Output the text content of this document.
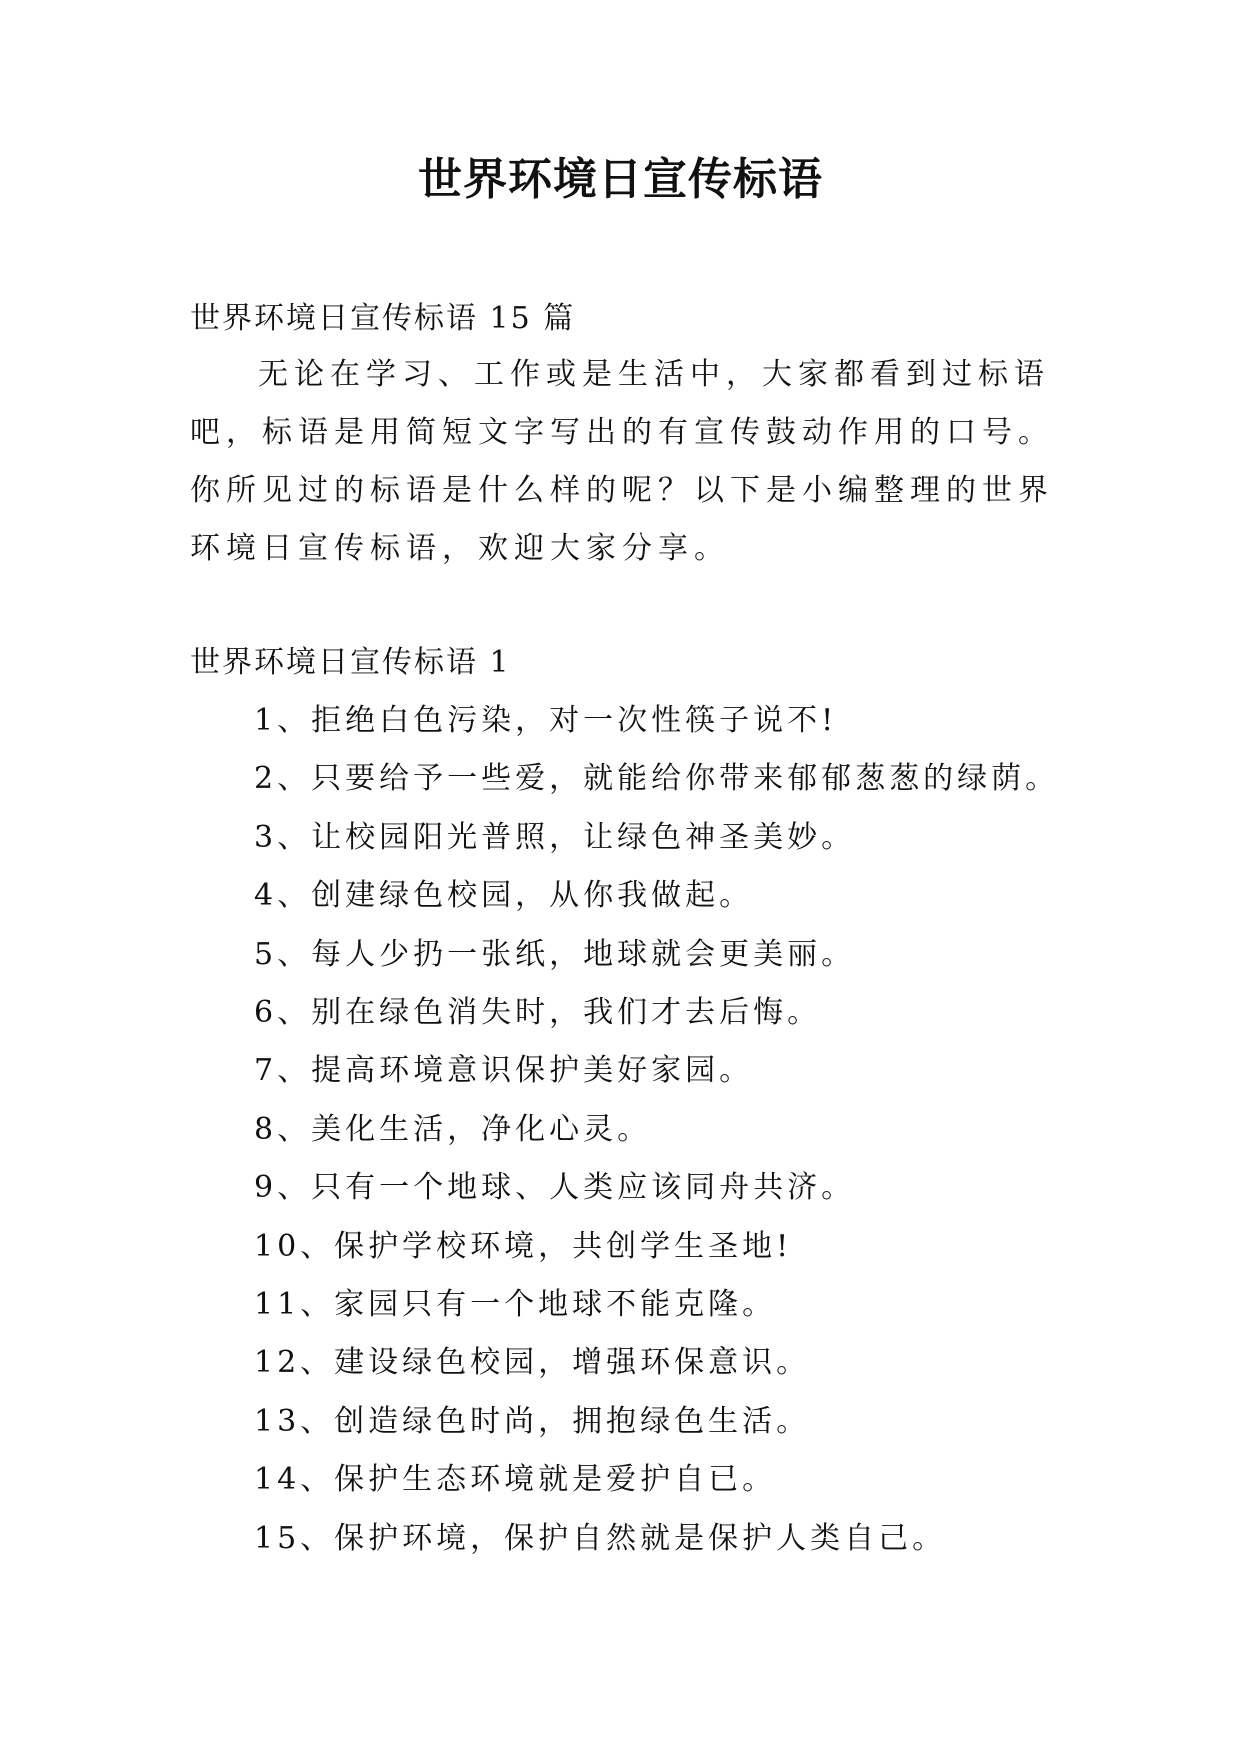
世界环境日宣传标语
世界环境日宣传标语 15 篇
无论在学习、工作或是生活中，大家都看到过标语吧，标语是用简短文字写出的有宣传鼓动作用的口号。你所见过的标语是什么样的呢？以下是小编整理的世界环境日宣传标语，欢迎大家分享。
世界环境日宣传标语 1
1、拒绝白色污染，对一次性筷子说不!
2、只要给予一些爱，就能给你带来郁郁葱葱的绿荫。
3、让校园阳光普照，让绿色神圣美妙。
4、创建绿色校园，从你我做起。
5、每人少扔一张纸，地球就会更美丽。
6、别在绿色消失时，我们才去后悔。
7、提高环境意识保护美好家园。
8、美化生活，净化心灵。
9、只有一个地球、人类应该同舟共济。
10、保护学校环境，共创学生圣地!
11、家园只有一个地球不能克隆。
12、建设绿色校园，增强环保意识。
13、创造绿色时尚，拥抱绿色生活。
14、保护生态环境就是爱护自已。
15、保护环境，保护自然就是保护人类自己。
